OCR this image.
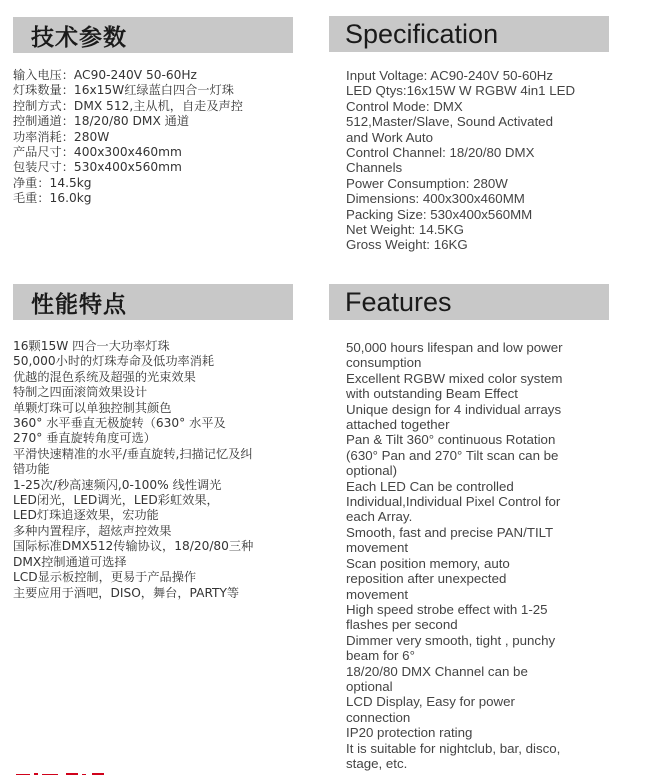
技术参数
输入电压：AC90-240V 50-60Hz
灯珠数量：16x15W红绿蓝白四合一灯珠
控制方式：DMX 512,主从机，自走及声控
控制通道：18/20/80 DMX 通道
功率消耗：280W
产品尺寸：400x300x460mm
包装尺寸：530x400x560mm
净重：14.5kg
毛重：16.0kg
Specification
Input Voltage: AC90-240V 50-60Hz
LED Qtys:16x15W W RGBW 4in1 LED
Control Mode: DMX
512,Master/Slave, Sound Activated
and Work Auto
Control Channel: 18/20/80 DMX
Channels
Power Consumption: 280W
Dimensions: 400x300x460MM
Packing Size: 530x400x560MM
Net Weight: 14.5KG
Gross Weight: 16KG
性能特点
16颗15W 四合一大功率灯珠
50,000小时的灯珠寿命及低功率消耗
优越的混色系统及超强的光束效果
特制之四面滚筒效果设计
单颗灯珠可以单独控制其颜色
360° 水平垂直无极旋转（630° 水平及
270° 垂直旋转角度可选）
平滑快速精准的水平/垂直旋转,扫描记忆及纠
错功能
1-25次/秒高速频闪,0-100% 线性调光
LED闭光，LED调光，LED彩虹效果，
LED灯珠追逐效果，宏功能
多种内置程序，超炫声控效果
国际标准DMX512传输协议，18/20/80三种
DMX控制通道可选择
LCD显示板控制，更易于产品操作
主要应用于酒吧，DISO，舞台，PARTY等
Features
50,000 hours lifespan and low power
consumption
Excellent RGBW mixed color system
with outstanding Beam Effect
Unique design for 4 individual arrays
attached together
Pan & Tilt 360° continuous Rotation
(630° Pan and 270° Tilt scan can be
optional)
Each LED Can be controlled
Individual,Individual Pixel Control for
each Array.
Smooth, fast and precise PAN/TILT
movement
Scan position memory, auto
reposition after unexpected
movement
High speed strobe effect with 1-25
flashes per second
Dimmer very smooth, tight , punchy
beam for 6°
18/20/80 DMX Channel can be
optional
LCD Display, Easy for power
connection
IP20 protection rating
It is suitable for nightclub, bar, disco,
stage, etc.
